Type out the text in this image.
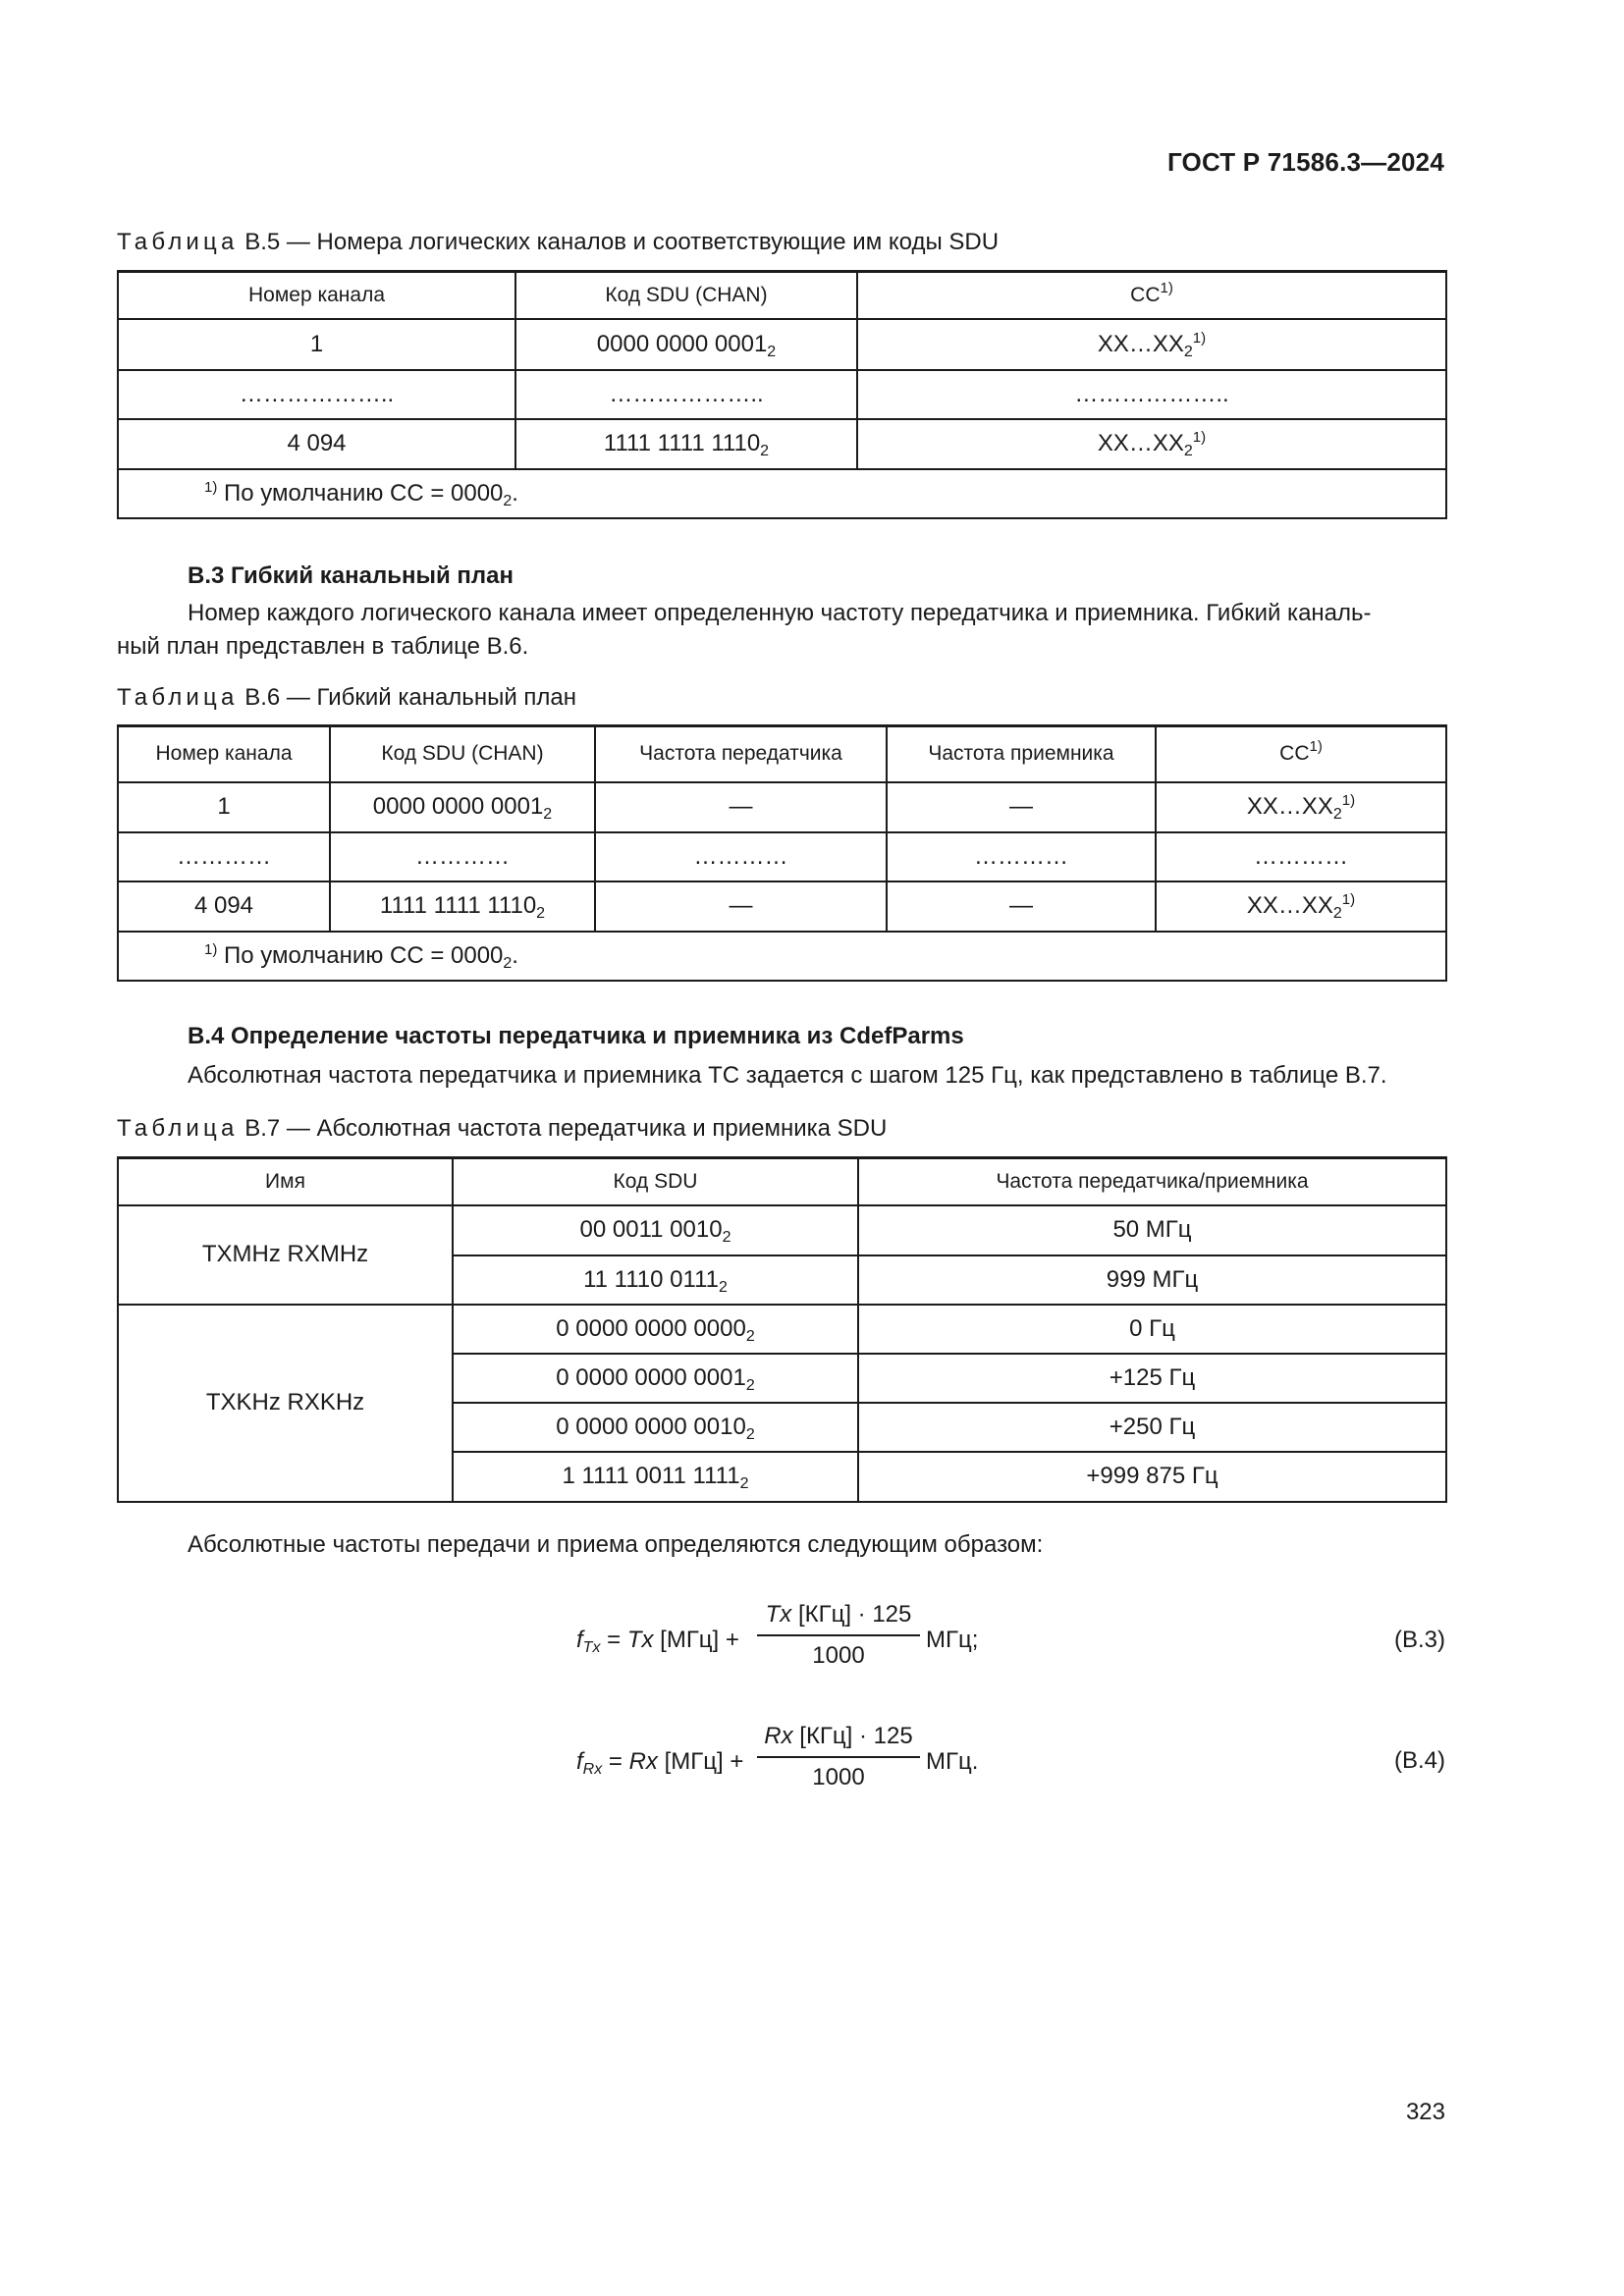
ГОСТ Р 71586.3—2024
Таблица В.5 — Номера логических каналов и соответствующие им коды SDU
Номер канала	Код SDU (CHAN)	СС$^{1)}$
1	0000 0000 $0001_2$	$XX\dots XX_2^{1)}$
………………..	………………..	………………..
4 094	1111 1111 $1110_2$	$XX\dots XX_2^{1)}$
$^{1)}$ По умолчанию СС = $0000_2$.		
В.3 Гибкий канальный план
Номер каждого логического канала имеет определенную частоту передатчика и приемника. Гибкий каналь-
ный план представлен в таблице В.6.
Таблица В.6 — Гибкий канальный план
Номер канала	Код SDU (CHAN)	Частота передатчика	Частота приемника	СС$^{1)}$
1	0000 0000 $0001_2$	—	—	$XX\dots XX_2^{1)}$
…………	…………	…………	…………	…………
4 094	1111 1111 $1110_2$	—	—	$XX\dots XX_2^{1)}$
$^{1)}$ По умолчанию СС = $0000_2$.				
В.4 Определение частоты передатчика и приемника из CdefParms
Абсолютная частота передатчика и приемника ТС задается с шагом 125 Гц, как представлено в таблице В.7.
Таблица В.7 — Абсолютная частота передатчика и приемника SDU
Имя	Код SDU	Частота передатчика/приемника
TXMHz RXMHz	00 0011 $0010_2$	50 МГц
	11 1110 $0111_2$	999 МГц
TXKHz RXKHz	0 0000 0000 $0000_2$	0 Гц
	0 0000 0000 $0001_2$	+125 Гц
	0 0000 0000 $0010_2$	+250 Гц
	1 1111 0011 $1111_2$	+999 875 Гц
Абсолютные частоты передачи и приема определяются следующим образом:
$f_{Tx} = Tx$ [МГц] +
Tx [КГц] · 125
1000
МГц;	(В.3)
$f_{Rx} = Rx$ [МГц] +
Rx [КГц] · 125
1000
МГц.	(В.4)
323
